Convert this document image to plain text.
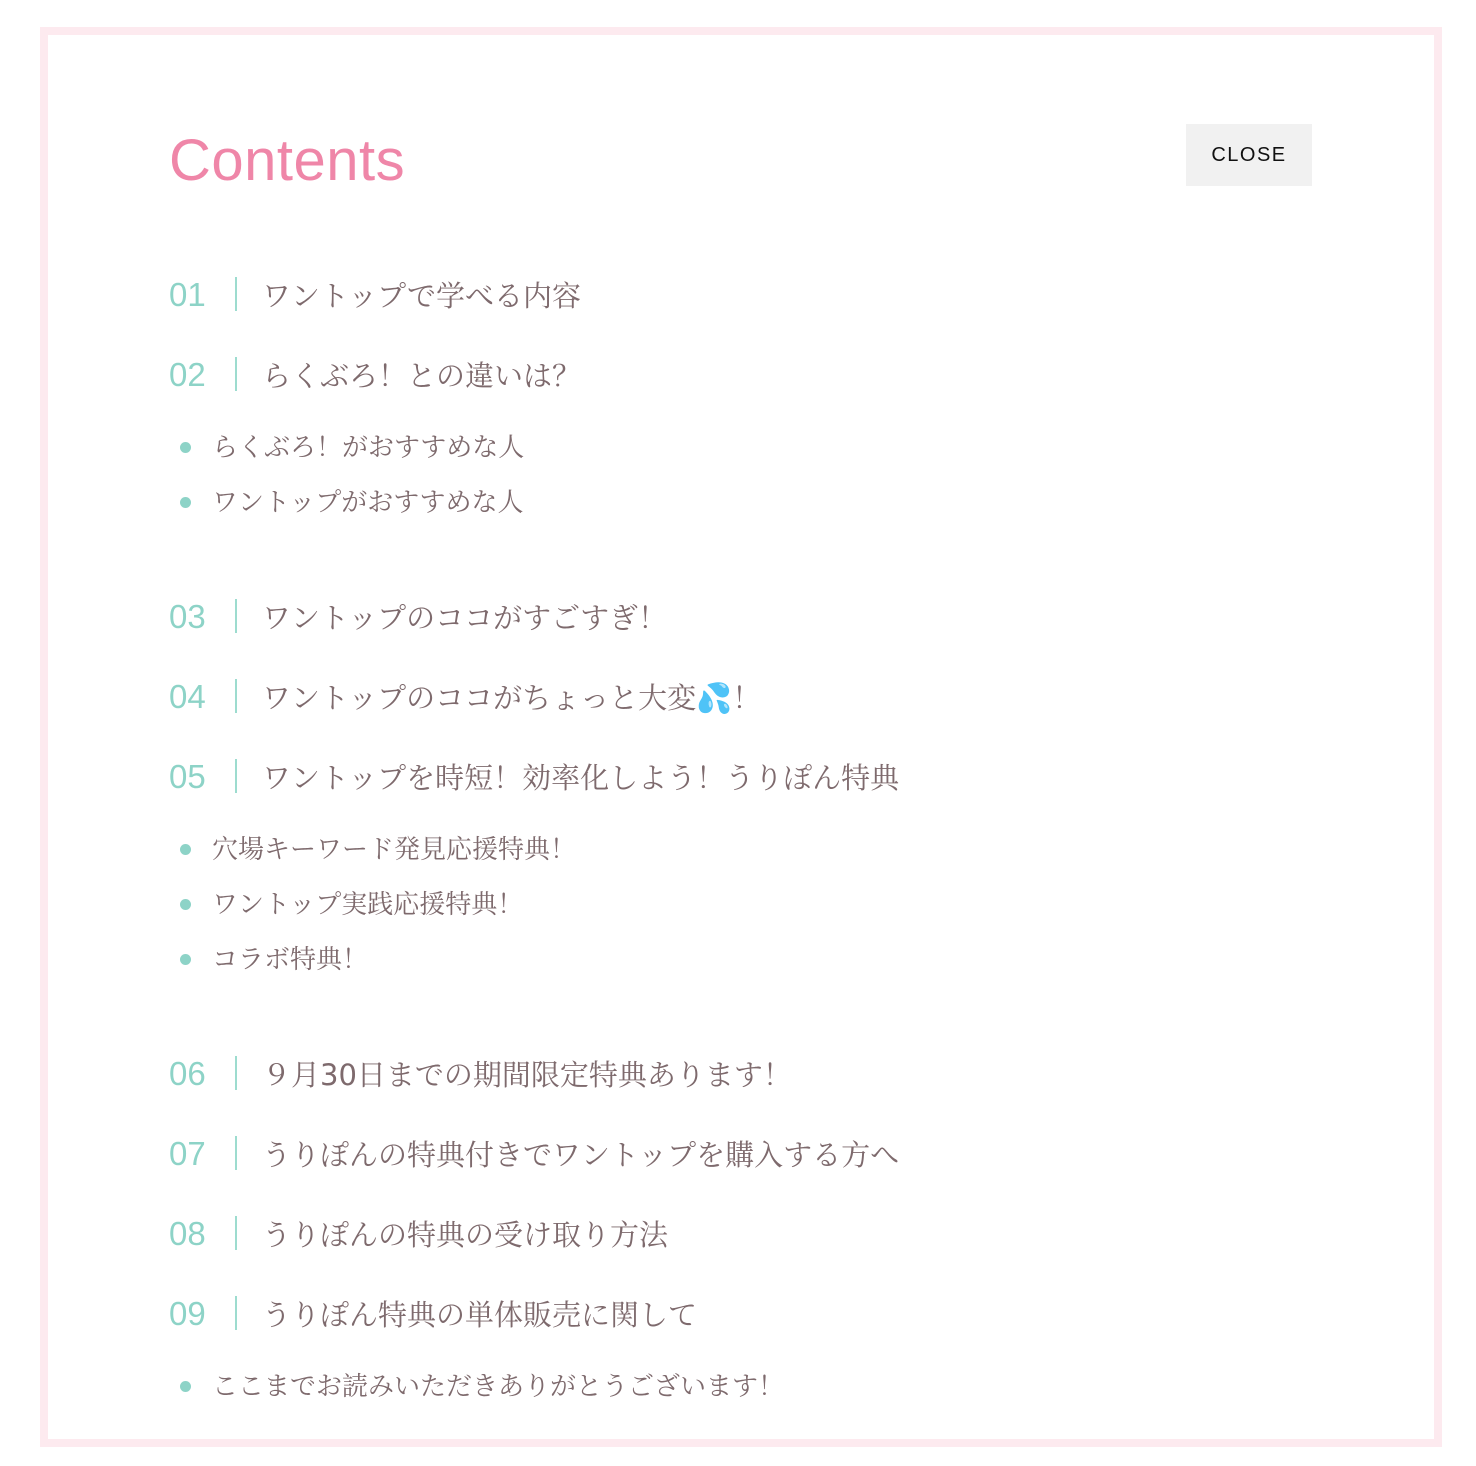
Contents	CLOSE
01 ワントップで学べる内容
02 らくぶろ！との違いは？
らくぶろ！がおすすめな人
ワントップがおすすめな人
03 ワントップのココがすごすぎ！
04 ワントップのココがちょっと大変💦！
05 ワントップを時短！効率化しよう！うりぽん特典
穴場キーワード発見応援特典！
ワントップ実践応援特典！
コラボ特典！
06 ９月30日までの期間限定特典あります！
07 うりぽんの特典付きでワントップを購入する方へ
08 うりぽんの特典の受け取り方法
09 うりぽん特典の単体販売に関して
ここまでお読みいただきありがとうございます！
